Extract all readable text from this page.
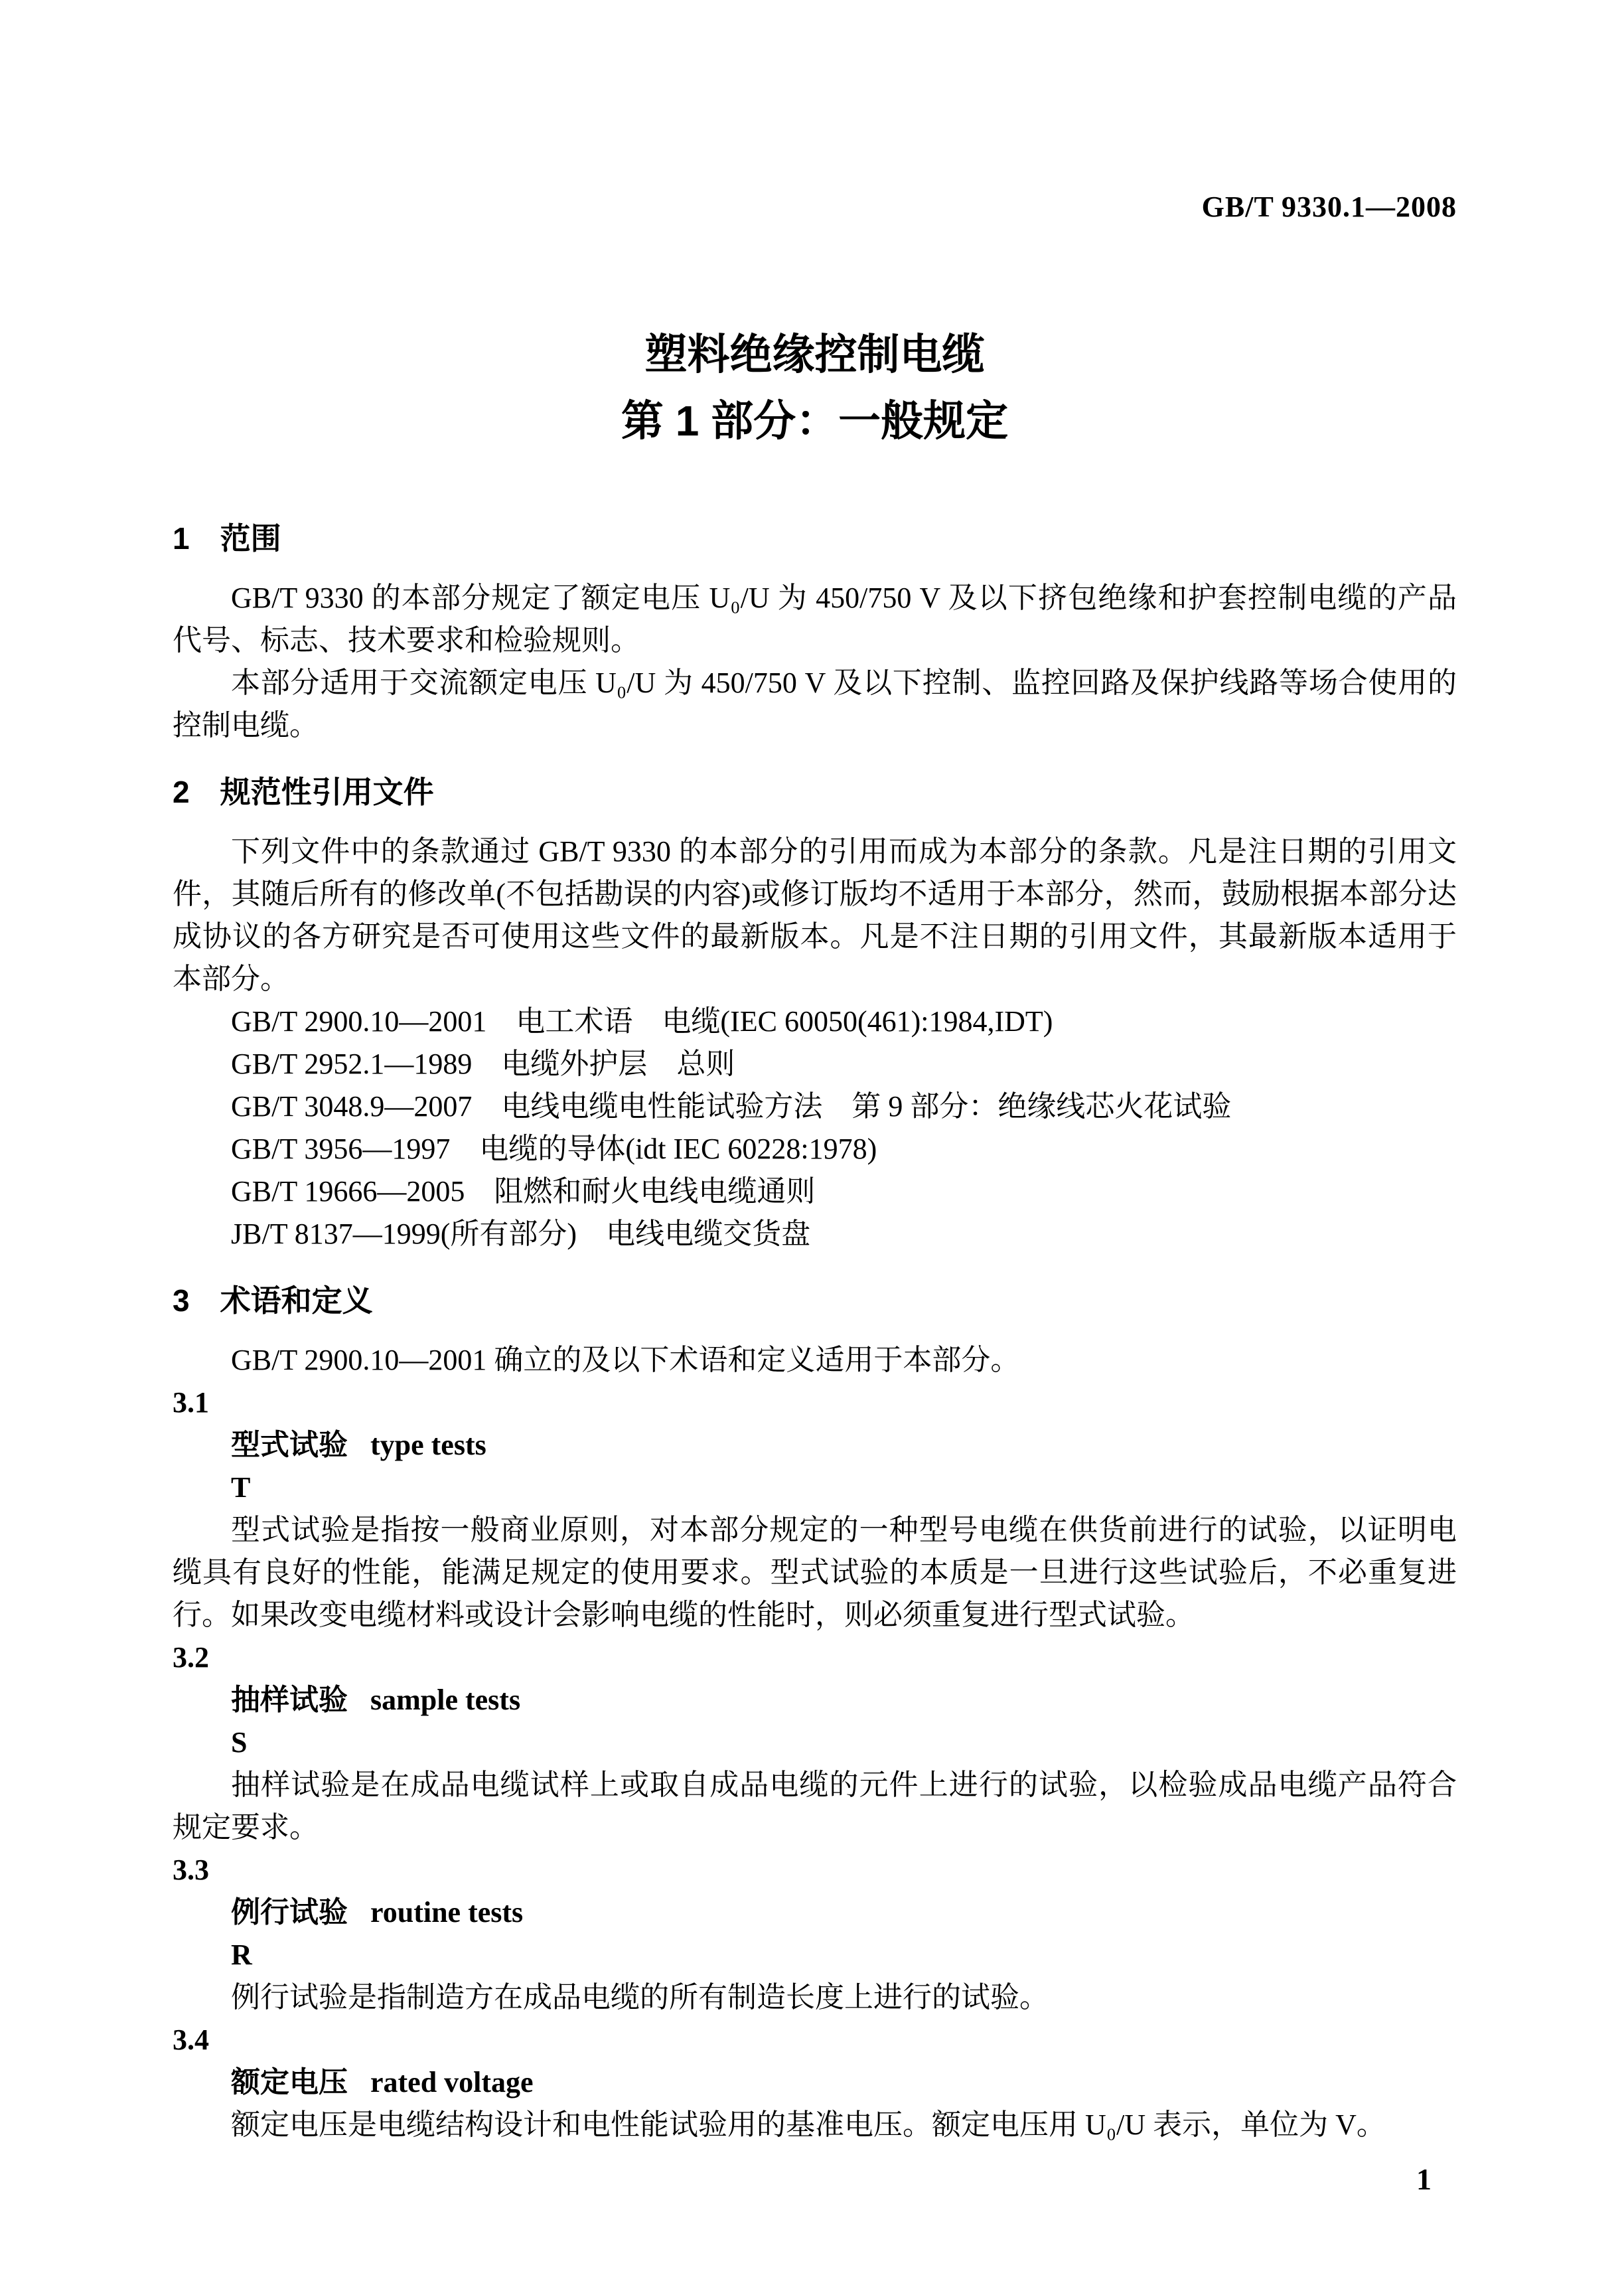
GB/T 9330.1—2008
塑料绝缘控制电缆
第 1 部分：一般规定
1 范围

GB/T 9330 的本部分规定了额定电压 U₀/U 为 450/750 V 及以下挤包绝缘和护套控制电缆的产品代号、标志、技术要求和检验规则。

本部分适用于交流额定电压 U₀/U 为 450/750 V 及以下控制、监控回路及保护线路等场合使用的控制电缆。

2 规范性引用文件

下列文件中的条款通过 GB/T 9330 的本部分的引用而成为本部分的条款。凡是注日期的引用文件，其随后所有的修改单(不包括勘误的内容)或修订版均不适用于本部分，然而，鼓励根据本部分达成协议的各方研究是否可使用这些文件的最新版本。凡是不注日期的引用文件，其最新版本适用于本部分。

GB/T 2900.10—2001　电工术语　电缆(IEC 60050(461):1984,IDT)
GB/T 2952.1—1989　电缆外护层　总则
GB/T 3048.9—2007　电线电缆电性能试验方法　第 9 部分：绝缘线芯火花试验
GB/T 3956—1997　电缆的导体(idt IEC 60228:1978)
GB/T 19666—2005　阻燃和耐火电线电缆通则
JB/T 8137—1999(所有部分)　电线电缆交货盘
3 术语和定义

GB/T 2900.10—2001 确立的及以下术语和定义适用于本部分。

3.1
型式试验 type tests
T

型式试验是指按一般商业原则，对本部分规定的一种型号电缆在供货前进行的试验，以证明电缆具有良好的性能，能满足规定的使用要求。型式试验的本质是一旦进行这些试验后，不必重复进行。如果改变电缆材料或设计会影响电缆的性能时，则必须重复进行型式试验。

3.2
抽样试验 sample tests
S

抽样试验是在成品电缆试样上或取自成品电缆的元件上进行的试验，以检验成品电缆产品符合规定要求。

3.3
例行试验 routine tests
R

例行试验是指制造方在成品电缆的所有制造长度上进行的试验。

3.4
额定电压 rated voltage

额定电压是电缆结构设计和电性能试验用的基准电压。额定电压用 U₀/U 表示，单位为 V。

1
